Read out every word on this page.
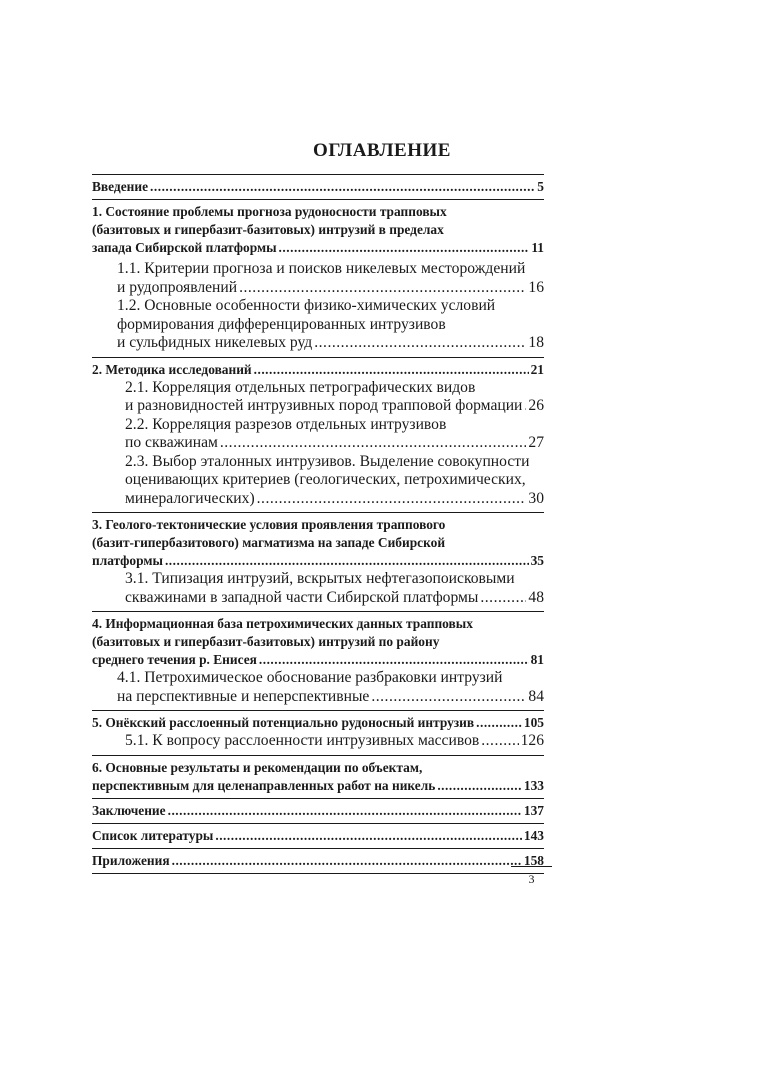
ОГЛАВЛЕНИЕ
Введение .....	5
1. Состояние проблемы прогноза рудоносности трапповых
(базитовых и гипербазит-базитовых) интрузий в пределах
запада Сибирской платформы .....	11
1.1. Критерии прогноза и поисков никелевых месторождений
и рудопроявлений .....	16
1.2. Основные особенности физико-химических условий
формирования дифференцированных интрузивов
и сульфидных никелевых руд .....	18
2. Методика исследований .....	21
2.1. Корреляция отдельных петрографических видов
и разновидностей интрузивных пород трапповой формации ..... 26
2.2. Корреляция разрезов отдельных интрузивов
по скважинам .....	27
2.3. Выбор эталонных интрузивов. Выделение совокупности
оценивающих критериев (геологических, петрохимических,
минералогических) .....	30
3. Геолого-тектонические условия проявления траппового
(базит-гипербазитового) магматизма на западе Сибирской
платформы .....	35
3.1. Типизация интрузий, вскрытых нефтегазопоисковыми
скважинами в западной части Сибирской платформы .....	48
4. Информационная база петрохимических данных трапповых
(базитовых и гипербазит-базитовых) интрузий по району
среднего течения р. Енисея .....	81
4.1. Петрохимическое обоснование разбраковки интрузий
на перспективные и неперспективные .....	84
5. Онёкский расслоенный потенциально рудоносный интрузив .....	105
5.1. К вопросу расслоенности интрузивных массивов .....	126
6. Основные результаты и рекомендации по объектам,
перспективным для целенаправленных работ на никель .....	133
Заключение .....	137
Список литературы .....	143
Приложения .....	158
3
